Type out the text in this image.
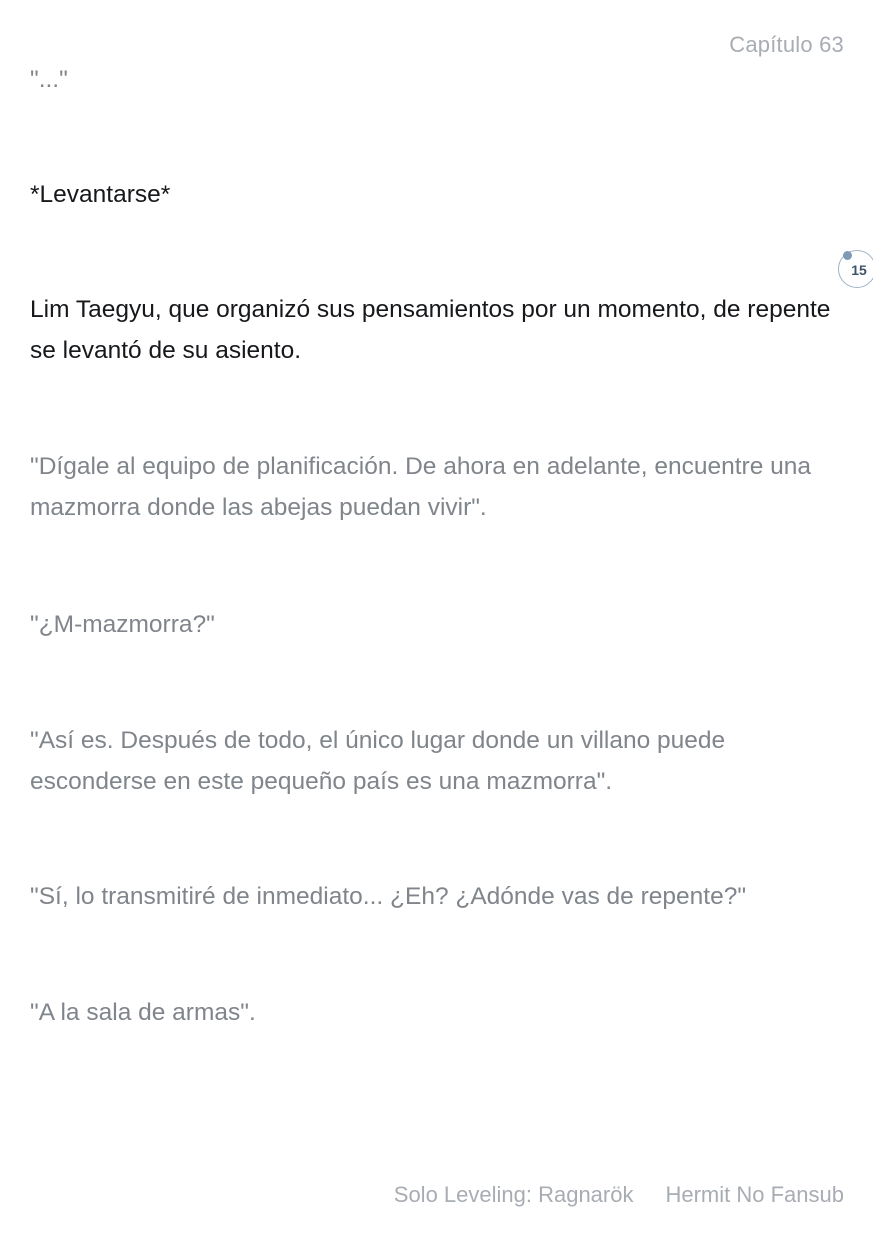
Capítulo 63

"..."

*Levantarse*

Lim Taegyu, que organizó sus pensamientos por un momento, de repente se levantó de su asiento.

15

"Dígale al equipo de planificación. De ahora en adelante, encuentre una mazmorra donde las abejas puedan vivir".

"¿M-mazmorra?"

"Así es. Después de todo, el único lugar donde un villano puede esconderse en este pequeño país es una mazmorra".

"Sí, lo transmitiré de inmediato... ¿Eh? ¿Adónde vas de repente?"

"A la sala de armas".

Solo Leveling: Ragnarök Hermit No Fansub
